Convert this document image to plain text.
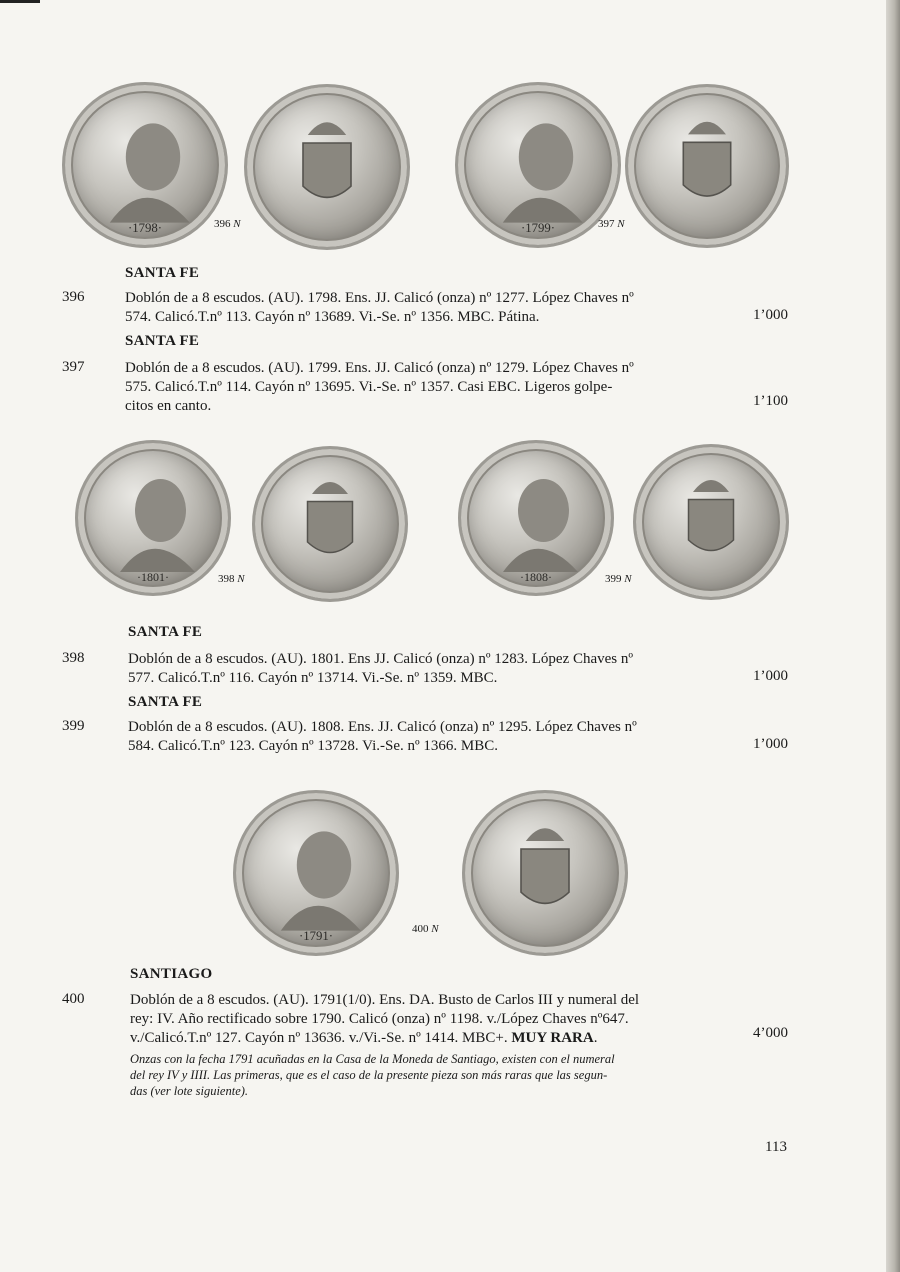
·1798·	396 N	·1799·	397 N
SANTA FE
396	Doblón de a 8 escudos. (AU). 1798. Ens. JJ. Calicó (onza) nº 1277. López Chaves nº
574. Calicó.T.nº 113. Cayón nº 13689. Vi.-Se. nº 1356. MBC. Pátina.	1’000
SANTA FE
397	Doblón de a 8 escudos. (AU). 1799. Ens. JJ. Calicó (onza) nº 1279. López Chaves nº
575. Calicó.T.nº 114. Cayón nº 13695. Vi.-Se. nº 1357. Casi EBC. Ligeros golpe-
citos en canto.	1’100
·1801·	398 N	·1808·	399 N
SANTA FE
398	Doblón de a 8 escudos. (AU). 1801. Ens JJ. Calicó (onza) nº 1283. López Chaves nº
577. Calicó.T.nº 116. Cayón nº 13714. Vi.-Se. nº 1359. MBC.	1’000
SANTA FE
399	Doblón de a 8 escudos. (AU). 1808. Ens. JJ. Calicó (onza) nº 1295. López Chaves nº
584. Calicó.T.nº 123. Cayón nº 13728. Vi.-Se. nº 1366. MBC.	1’000
·1791·
400 N
SANTIAGO
400	Doblón de a 8 escudos. (AU). 1791(1/0). Ens. DA. Busto de Carlos III y numeral del
rey: IV. Año rectificado sobre 1790. Calicó (onza) nº 1198. v./López Chaves nº647.
v./Calicó.T.nº 127. Cayón nº 13636. v./Vi.-Se. nº 1414. MBC+. MUY RARA.	4’000
Onzas con la fecha 1791 acuñadas en la Casa de la Moneda de Santiago, existen con el numeral
del rey IV y IIII. Las primeras, que es el caso de la presente pieza son más raras que las segun-
das (ver lote siguiente).
113
